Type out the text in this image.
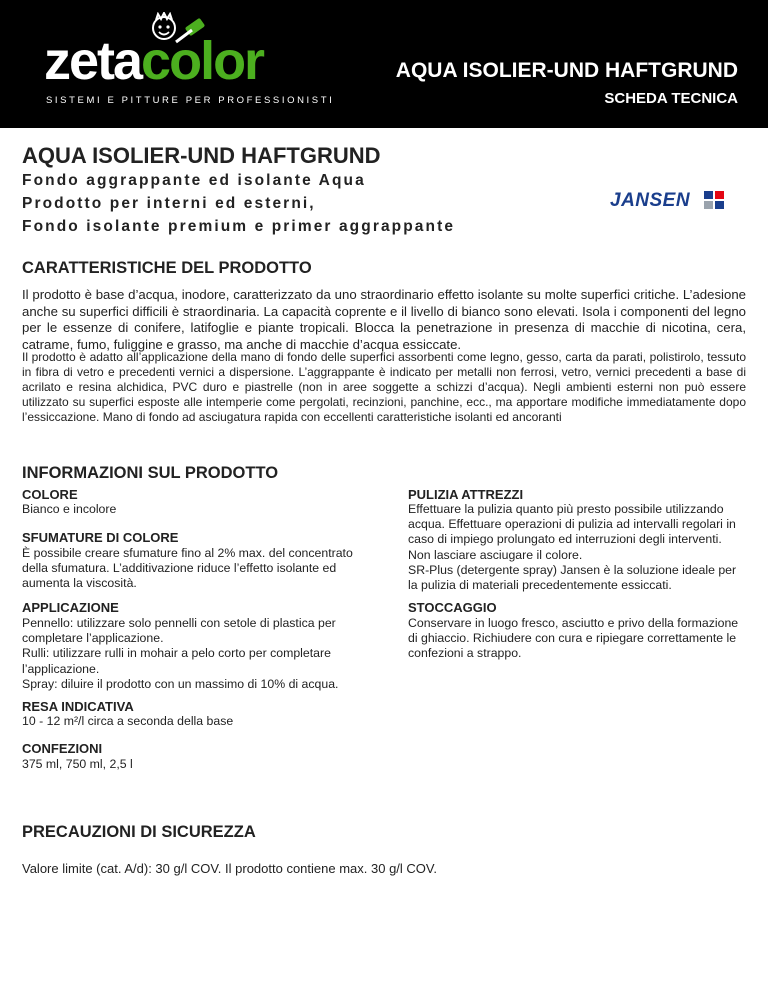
zetacolor
SISTEMI E PITTURE PER PROFESSIONISTI
AQUA ISOLIER-UND HAFTGRUND
SCHEDA TECNICA
AQUA ISOLIER-UND HAFTGRUND
Fondo aggrappante ed isolante Aqua
Prodotto per interni ed esterni,
Fondo isolante premium e primer aggrappante
JANSEN
CARATTERISTICHE DEL PRODOTTO
Il prodotto è base d’acqua, inodore, caratterizzato da uno straordinario effetto isolante su molte superfici critiche. L’adesione anche su superfici difficili è straordinaria. La capacità coprente e il livello di bianco sono elevati. Isola i componenti del legno per le essenze di conifere, latifoglie e piante tropicali. Blocca la penetrazione in presenza di macchie di nicotina, cera, catrame, fumo, fuliggine e grasso, ma anche di macchie d’acqua essiccate.
Il prodotto è adatto all’applicazione della mano di fondo delle superfici assorbenti come legno, gesso, carta da parati, polistirolo, tessuto in fibra di vetro e precedenti vernici a dispersione. L’aggrappante è indicato per metalli non ferrosi, vetro, vernici precedenti a base di acrilato e resina alchidica, PVC duro e piastrelle (non in aree soggette a schizzi d’acqua). Negli ambienti esterni non può essere utilizzato su superfici esposte alle intemperie come pergolati, recinzioni, panchine, ecc., ma apportare modifiche immediatamente dopo l’essiccazione. Mano di fondo ad asciugatura rapida con eccellenti caratteristiche isolanti ed ancoranti
INFORMAZIONI SUL PRODOTTO
COLORE
Bianco e incolore
SFUMATURE DI COLORE
È possibile creare sfumature fino al 2% max. del concentrato della sfumatura. L’additivazione riduce l’effetto isolante ed aumenta la viscosità.
APPLICAZIONE
Pennello: utilizzare solo pennelli con setole di plastica per completare l’applicazione.
Rulli: utilizzare rulli in mohair a pelo corto per completare l’applicazione.
Spray: diluire il prodotto con un massimo di 10% di acqua.
RESA INDICATIVA
10 - 12 m²/l circa a seconda della base
CONFEZIONI
375 ml, 750 ml, 2,5 l
PULIZIA ATTREZZI
Effettuare la pulizia quanto più presto possibile utilizzando acqua. Effettuare operazioni di pulizia ad intervalli regolari in caso di impiego prolungato ed interruzioni degli interventi. Non lasciare asciugare il colore.
SR-Plus (detergente spray) Jansen è la soluzione ideale per la pulizia di materiali precedentemente essiccati.
STOCCAGGIO
Conservare in luogo fresco, asciutto e privo della formazione di ghiaccio. Richiudere con cura e ripiegare correttamente le confezioni a strappo.
PRECAUZIONI DI SICUREZZA
Valore limite (cat. A/d): 30 g/l COV. Il prodotto contiene max. 30 g/l COV.
